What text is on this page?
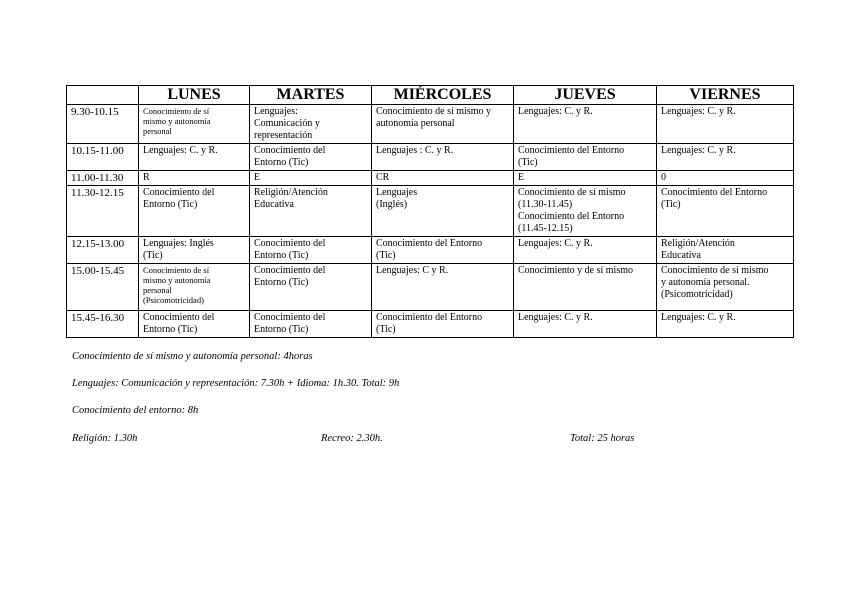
	LUNES	MARTES	MIÉRCOLES	JUEVES	VIERNES
9.30-10.15	Conocimiento de sí
mismo y autonomía
personal	Lenguajes:
Comunicación y
representación	Conocimiento de sí mismo y
autonomía personal	Lenguajes: C. y R.	Lenguajes: C. y R.

10.15-11.00	Lenguajes: C. y R.	Conocimiento del
Entorno (Tic)	Lenguajes : C. y R.	Conocimiento del Entorno
(Tic)	Lenguajes: C. y R.

11.00-11.30	R	E	CR	E	0

11.30-12.15	Conocimiento del
Entorno (Tic)	Religión/Atención
Educativa	Lenguajes
(Inglés)	Conocimiento de sí mismo
(11.30-11.45)
Conocimiento del Entorno
(11.45-12.15)	Conocimiento del Entorno
(Tic)

12.15-13.00	Lenguajes: Inglés
(Tic)	Conocimiento del
Entorno (Tic)	Conocimiento del Entorno
(Tic)	Lenguajes: C. y R.	Religión/Atención
Educativa

15.00-15.45	Conocimiento de sí
mismo y autonomía
personal
(Psicomotricidad)	Conocimiento del
Entorno (Tic)	Lenguajes: C y R.	Conocimiento y de sí mismo	Conocimiento de sí mismo
y autonomía personal.
(Psicomotricidad)

15.45-16.30	Conocimiento del
Entorno (Tic)	Conocimiento del
Entorno (Tic)	Conocimiento del Entorno
(Tic)	Lenguajes: C. y R.	Lenguajes: C. y R.
Conocimiento de sí mismo y autonomía personal: 4horas
Lenguajes: Comunicación y representación: 7.30h + Idioma: 1h.30. Total: 9h
Conocimiento del entorno: 8h
Religión: 1.30h	Recreo: 2.30h.	Total: 25 horas
